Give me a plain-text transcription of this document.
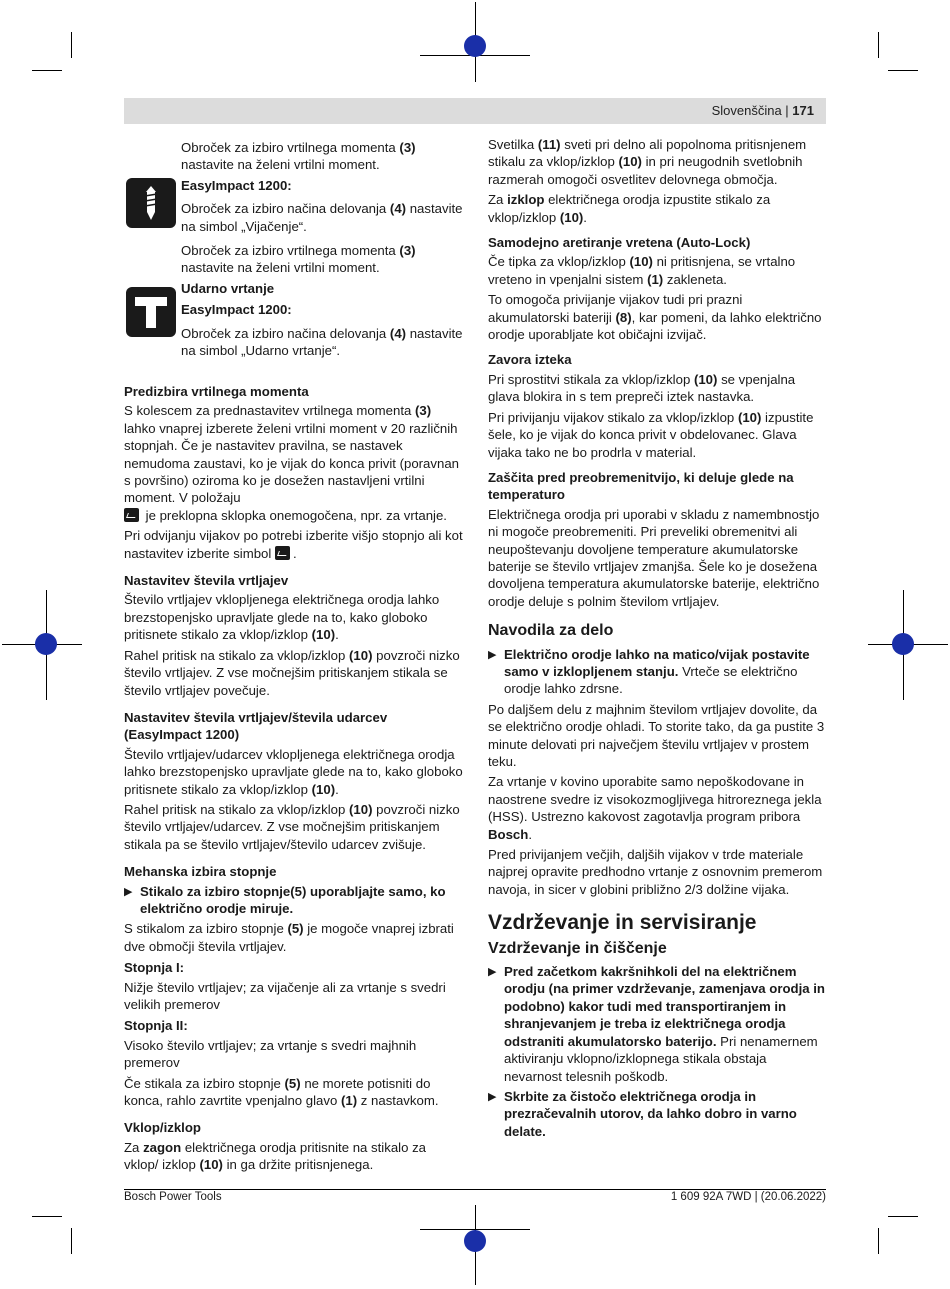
Slovenščina | 171

Obroček za izbiro vrtilnega momenta (3) nastavite na želeni vrtilni moment.

EasyImpact 1200:

Obroček za izbiro načina delovanja (4) nastavite na simbol „Vijačenje“.

Obroček za izbiro vrtilnega momenta (3) nastavite na želeni vrtilni moment.

Udarno vrtanje
EasyImpact 1200:

Obroček za izbiro načina delovanja (4) nastavite na simbol „Udarno vrtanje“.

Predizbira vrtilnega momenta

S kolescem za prednastavitev vrtilnega momenta (3) lahko vnaprej izberete želeni vrtilni moment v 20 različnih stopnjah. Če je nastavitev pravilna, se nastavek nemudoma zaustavi, ko je vijak do konca privit (poravnan s površino) oziroma ko je dosežen nastavljeni vrtilni moment. V položaju
je preklopna sklopka onemogočena, npr. za vrtanje.

Pri odvijanju vijakov po potrebi izberite višjo stopnjo ali kot nastavitev izberite simbol .

Nastavitev števila vrtljajev

Število vrtljajev vklopljenega električnega orodja lahko brezstopenjsko upravljate glede na to, kako globoko pritisnete stikalo za vklop/izklop (10).

Rahel pritisk na stikalo za vklop/izklop (10) povzroči nizko število vrtljajev. Z vse močnejšim pritiskanjem stikala se število vrtljajev povečuje.

Nastavitev števila vrtljajev/števila udarcev (EasyImpact 1200)

Število vrtljajev/udarcev vklopljenega električnega orodja lahko brezstopenjsko upravljate glede na to, kako globoko pritisnete stikalo za vklop/izklop (10).

Rahel pritisk na stikalo za vklop/izklop (10) povzroči nizko število vrtljajev/udarcev. Z vse močnejšim pritiskanjem stikala pa se število vrtljajev/število udarcev zvišuje.

Mehanska izbira stopnje
▶ Stikalo za izbiro stopnje(5) uporabljajte samo, ko električno orodje miruje.

S stikalom za izbiro stopnje (5) je mogoče vnaprej izbrati dve območji števila vrtljajev.

Stopnja I:

Nižje število vrtljajev; za vijačenje ali za vrtanje s svedri velikih premerov

Stopnja II:

Visoko število vrtljajev; za vrtanje s svedri majhnih premerov

Če stikala za izbiro stopnje (5) ne morete potisniti do konca, rahlo zavrtite vpenjalno glavo (1) z nastavkom.

Vklop/izklop

Za zagon električnega orodja pritisnite na stikalo za vklop/ izklop (10) in ga držite pritisnjenega.

Svetilka (11) sveti pri delno ali popolnoma pritisnjenem stikalu za vklop/izklop (10) in pri neugodnih svetlobnih razmerah omogoči osvetlitev delovnega območja.

Za izklop električnega orodja izpustite stikalo za vklop/izklop (10).

Samodejno aretiranje vretena (Auto-Lock)

Če tipka za vklop/izklop (10) ni pritisnjena, se vrtalno vreteno in vpenjalni sistem (1) zakleneta.

To omogoča privijanje vijakov tudi pri prazni akumulatorski bateriji (8), kar pomeni, da lahko električno orodje uporabljate kot običajni izvijač.

Zavora izteka

Pri sprostitvi stikala za vklop/izklop (10) se vpenjalna glava blokira in s tem prepreči iztek nastavka.

Pri privijanju vijakov stikalo za vklop/izklop (10) izpustite šele, ko je vijak do konca privit v obdelovanec. Glava vijaka tako ne bo prodrla v material.

Zaščita pred preobremenitvijo, ki deluje glede na temperaturo

Električnega orodja pri uporabi v skladu z namembnostjo ni mogoče preobremeniti. Pri preveliki obremenitvi ali neupoštevanju dovoljene temperature akumulatorske baterije se število vrtljajev zmanjša. Šele ko je dosežena dovoljena temperatura akumulatorske baterije, električno orodje deluje s polnim številom vrtljajev.

Navodila za delo
▶ Električno orodje lahko na matico/vijak postavite samo v izklopljenem stanju. Vrteče se električno orodje lahko zdrsne.

Po daljšem delu z majhnim številom vrtljajev dovolite, da se električno orodje ohladi. To storite tako, da ga pustite 3 minute delovati pri največjem številu vrtljajev v prostem teku.

Za vrtanje v kovino uporabite samo nepoškodovane in naostrene svedre iz visokozmogljivega hitroreznega jekla (HSS). Ustrezno kakovost zagotavlja program pribora Bosch.

Pred privijanjem večjih, daljših vijakov v trde materiale najprej opravite predhodno vrtanje z osnovnim premerom navoja, in sicer v globini približno 2/3 dolžine vijaka.

Vzdrževanje in servisiranje
Vzdrževanje in čiščenje
▶ Pred začetkom kakršnihkoli del na električnem orodju (na primer vzdrževanje, zamenjava orodja in podobno) kakor tudi med transportiranjem in shranjevanjem je treba iz električnega orodja odstraniti akumulatorsko baterijo. Pri nenamernem aktiviranju vklopno/izklopnega stikala obstaja nevarnost telesnih poškodb.
▶ Skrbite za čistočo električnega orodja in prezračevalnih utorov, da lahko dobro in varno delate.
Bosch Power Tools	1 609 92A 7WD | (20.06.2022)
